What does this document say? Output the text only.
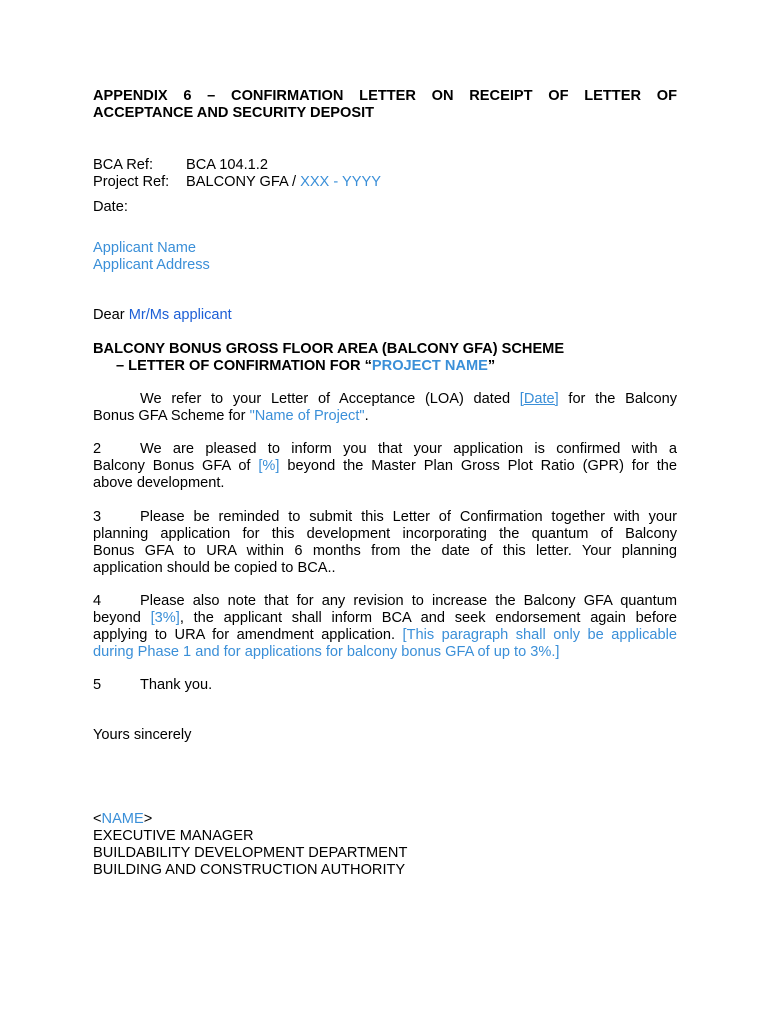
APPENDIX 6 – CONFIRMATION LETTER ON RECEIPT OF LETTER OF
ACCEPTANCE AND SECURITY DEPOSIT
BCA Ref:	BCA 104.1.2
Project Ref:	BALCONY GFA / XXX - YYYY
Date:
Applicant Name
Applicant Address
Dear Mr/Ms applicant
BALCONY BONUS GROSS FLOOR AREA (BALCONY GFA) SCHEME
– LETTER OF CONFIRMATION FOR “PROJECT NAME”
We refer to your Letter of Acceptance (LOA) dated [Date] for the Balcony
Bonus GFA Scheme for "Name of Project".
2	We are pleased to inform you that your application is confirmed with a
Balcony Bonus GFA of [%] beyond the Master Plan Gross Plot Ratio (GPR) for the
above development.
3	Please be reminded to submit this Letter of Confirmation together with your
planning application for this development incorporating the quantum of Balcony
Bonus GFA to URA within 6 months from the date of this letter. Your planning
application should be copied to BCA..
4	Please also note that for any revision to increase the Balcony GFA quantum
beyond [3%], the applicant shall inform BCA and seek endorsement again before
applying to URA for amendment application. [This paragraph shall only be applicable
during Phase 1 and for applications for balcony bonus GFA of up to 3%.]
5	Thank you.
Yours sincerely
<NAME>
EXECUTIVE MANAGER
BUILDABILITY DEVELOPMENT DEPARTMENT
BUILDING AND CONSTRUCTION AUTHORITY
